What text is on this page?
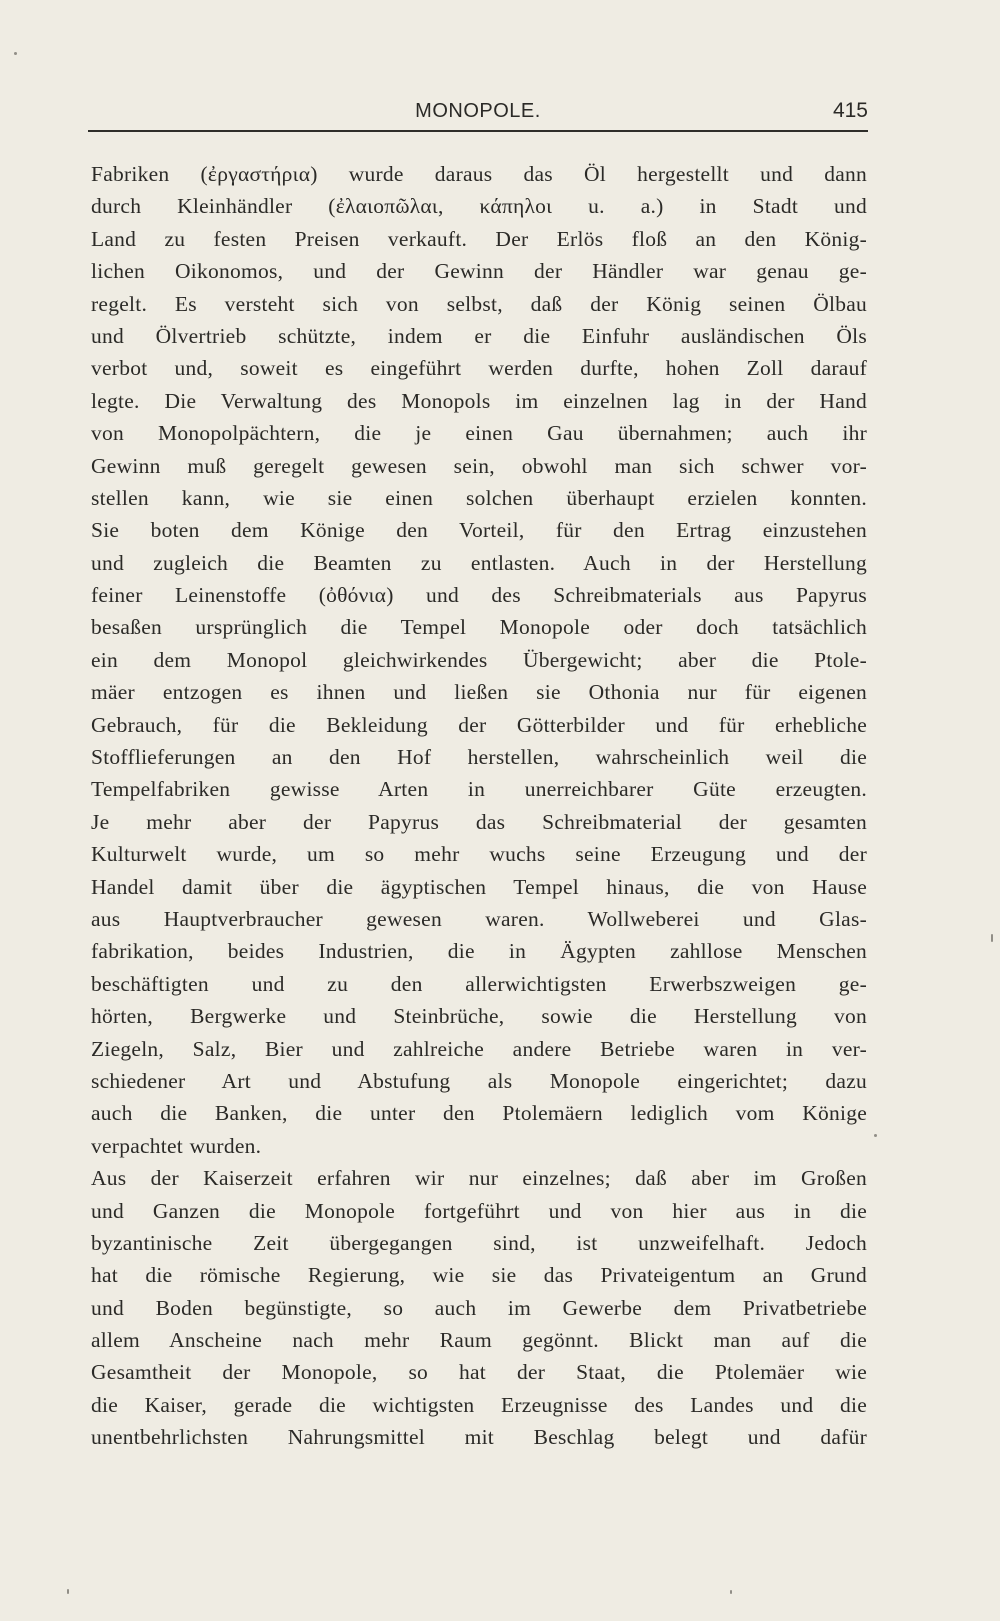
MONOPOLE.	415
Fabriken (ἐργαστήρια) wurde daraus das Öl hergestellt und dann
durch Kleinhändler (ἐλαιοπῶλαι, κάπηλοι u. a.) in Stadt und
Land zu festen Preisen verkauft. Der Erlös floß an den König-
lichen Oikonomos, und der Gewinn der Händler war genau ge-
regelt. Es versteht sich von selbst, daß der König seinen Ölbau
und Ölvertrieb schützte, indem er die Einfuhr ausländischen Öls
verbot und, soweit es eingeführt werden durfte, hohen Zoll darauf
legte. Die Verwaltung des Monopols im einzelnen lag in der Hand
von Monopolpächtern, die je einen Gau übernahmen; auch ihr
Gewinn muß geregelt gewesen sein, obwohl man sich schwer vor-
stellen kann, wie sie einen solchen überhaupt erzielen konnten.
Sie boten dem Könige den Vorteil, für den Ertrag einzustehen
und zugleich die Beamten zu entlasten. Auch in der Herstellung
feiner Leinenstoffe (ὀθόνια) und des Schreibmaterials aus Papyrus
besaßen ursprünglich die Tempel Monopole oder doch tatsächlich
ein dem Monopol gleichwirkendes Übergewicht; aber die Ptole-
mäer entzogen es ihnen und ließen sie Othonia nur für eigenen
Gebrauch, für die Bekleidung der Götterbilder und für erhebliche
Stofflieferungen an den Hof herstellen, wahrscheinlich weil die
Tempelfabriken gewisse Arten in unerreichbarer Güte erzeugten.
Je mehr aber der Papyrus das Schreibmaterial der gesamten
Kulturwelt wurde, um so mehr wuchs seine Erzeugung und der
Handel damit über die ägyptischen Tempel hinaus, die von Hause
aus Hauptverbraucher gewesen waren. Wollweberei und Glas-
fabrikation, beides Industrien, die in Ägypten zahllose Menschen
beschäftigten und zu den allerwichtigsten Erwerbszweigen ge-
hörten, Bergwerke und Steinbrüche, sowie die Herstellung von
Ziegeln, Salz, Bier und zahlreiche andere Betriebe waren in ver-
schiedener Art und Abstufung als Monopole eingerichtet; dazu
auch die Banken, die unter den Ptolemäern lediglich vom Könige
verpachtet wurden.
Aus der Kaiserzeit erfahren wir nur einzelnes; daß aber im Großen
und Ganzen die Monopole fortgeführt und von hier aus in die
byzantinische Zeit übergegangen sind, ist unzweifelhaft. Jedoch
hat die römische Regierung, wie sie das Privateigentum an Grund
und Boden begünstigte, so auch im Gewerbe dem Privatbetriebe
allem Anscheine nach mehr Raum gegönnt. Blickt man auf die
Gesamtheit der Monopole, so hat der Staat, die Ptolemäer wie
die Kaiser, gerade die wichtigsten Erzeugnisse des Landes und die
unentbehrlichsten Nahrungsmittel mit Beschlag belegt und dafür
